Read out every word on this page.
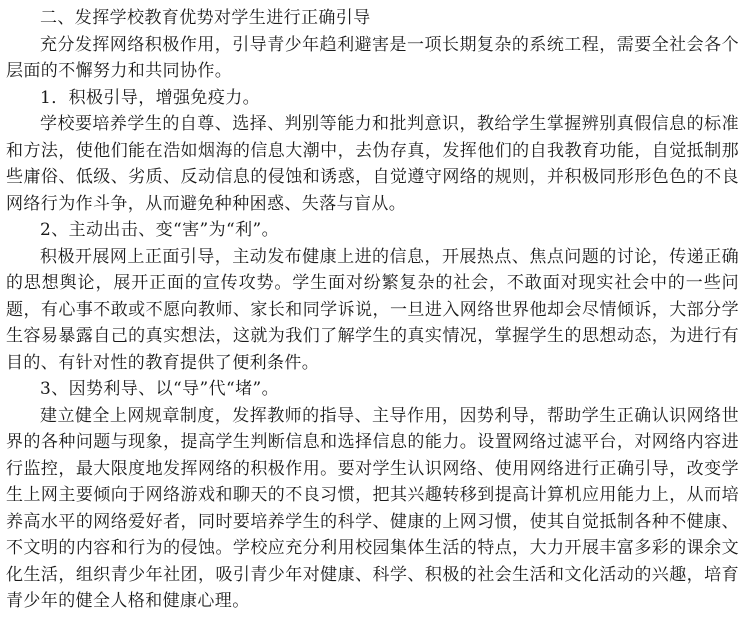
二、发挥学校教育优势对学生进行正确引导

充分发挥网络积极作用，引导青少年趋利避害是一项长期复杂的系统工程，需要全社会各个层面的不懈努力和共同协作。

1．积极引导，增强免疫力。

学校要培养学生的自尊、选择、判别等能力和批判意识，教给学生掌握辨别真假信息的标准和方法，使他们能在浩如烟海的信息大潮中，去伪存真，发挥他们的自我教育功能，自觉抵制那些庸俗、低级、劣质、反动信息的侵蚀和诱惑，自觉遵守网络的规则，并积极同形形色色的不良网络行为作斗争，从而避免种种困惑、失落与盲从。

2、主动出击、变“害”为“利”。

积极开展网上正面引导，主动发布健康上进的信息，开展热点、焦点问题的讨论，传递正确的思想舆论，展开正面的宣传攻势。学生面对纷繁复杂的社会，不敢面对现实社会中的一些问题，有心事不敢或不愿向教师、家长和同学诉说，一旦进入网络世界他却会尽情倾诉，大部分学生容易暴露自己的真实想法，这就为我们了解学生的真实情况，掌握学生的思想动态，为进行有目的、有针对性的教育提供了便利条件。

3、因势利导、以“导”代“堵”。

建立健全上网规章制度，发挥教师的指导、主导作用，因势利导，帮助学生正确认识网络世界的各种问题与现象，提高学生判断信息和选择信息的能力。设置网络过滤平台，对网络内容进行监控，最大限度地发挥网络的积极作用。要对学生认识网络、使用网络进行正确引导，改变学生上网主要倾向于网络游戏和聊天的不良习惯，把其兴趣转移到提高计算机应用能力上，从而培养高水平的网络爱好者，同时要培养学生的科学、健康的上网习惯，使其自觉抵制各种不健康、不文明的内容和行为的侵蚀。学校应充分利用校园集体生活的特点，大力开展丰富多彩的课余文化生活，组织青少年社团，吸引青少年对健康、科学、积极的社会生活和文化活动的兴趣，培育青少年的健全人格和健康心理。
